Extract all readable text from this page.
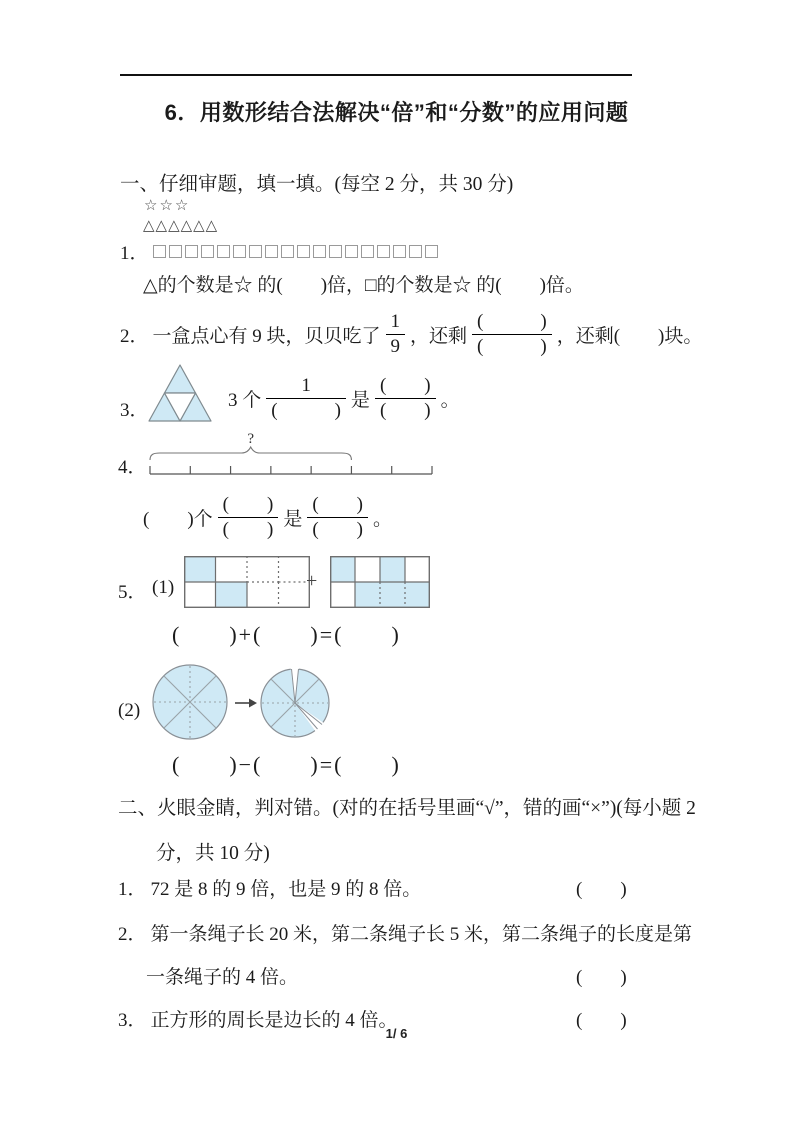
6．用数形结合法解决“倍”和“分数”的应用问题
一、仔细审题，填一填。(每空 2 分，共 30 分)
☆☆☆
△△△△△△
1．
△的个数是☆ 的(　　)倍，□的个数是☆ 的(　　)倍。
2． 一盒点心有 9 块，贝贝吃了 $\frac{1}{9}$ ，还剩 $\frac{( )}{( )}$ ，还剩(　　)块。
3．	3 个 $\frac{1}{( )}$ 是 $\frac{( )}{( )}$ 。
4．
?
(　　)个 $\frac{( )}{( )}$ 是 $\frac{( )}{( )}$ 。
5． (1)	+
(　　)+(　　)=(　　)
(2)
(　　)−(　　)=(　　)
二、火眼金睛，判对错。(对的在括号里画“√”，错的画“×”)(每小题 2
分，共 10 分)
1． 72 是 8 的 9 倍，也是 9 的 8 倍。	(　　)
2． 第一条绳子长 20 米，第二条绳子长 5 米，第二条绳子的长度是第
一条绳子的 4 倍。	(　　)
3． 正方形的周长是边长的 4 倍。	(　　)
1/ 6
